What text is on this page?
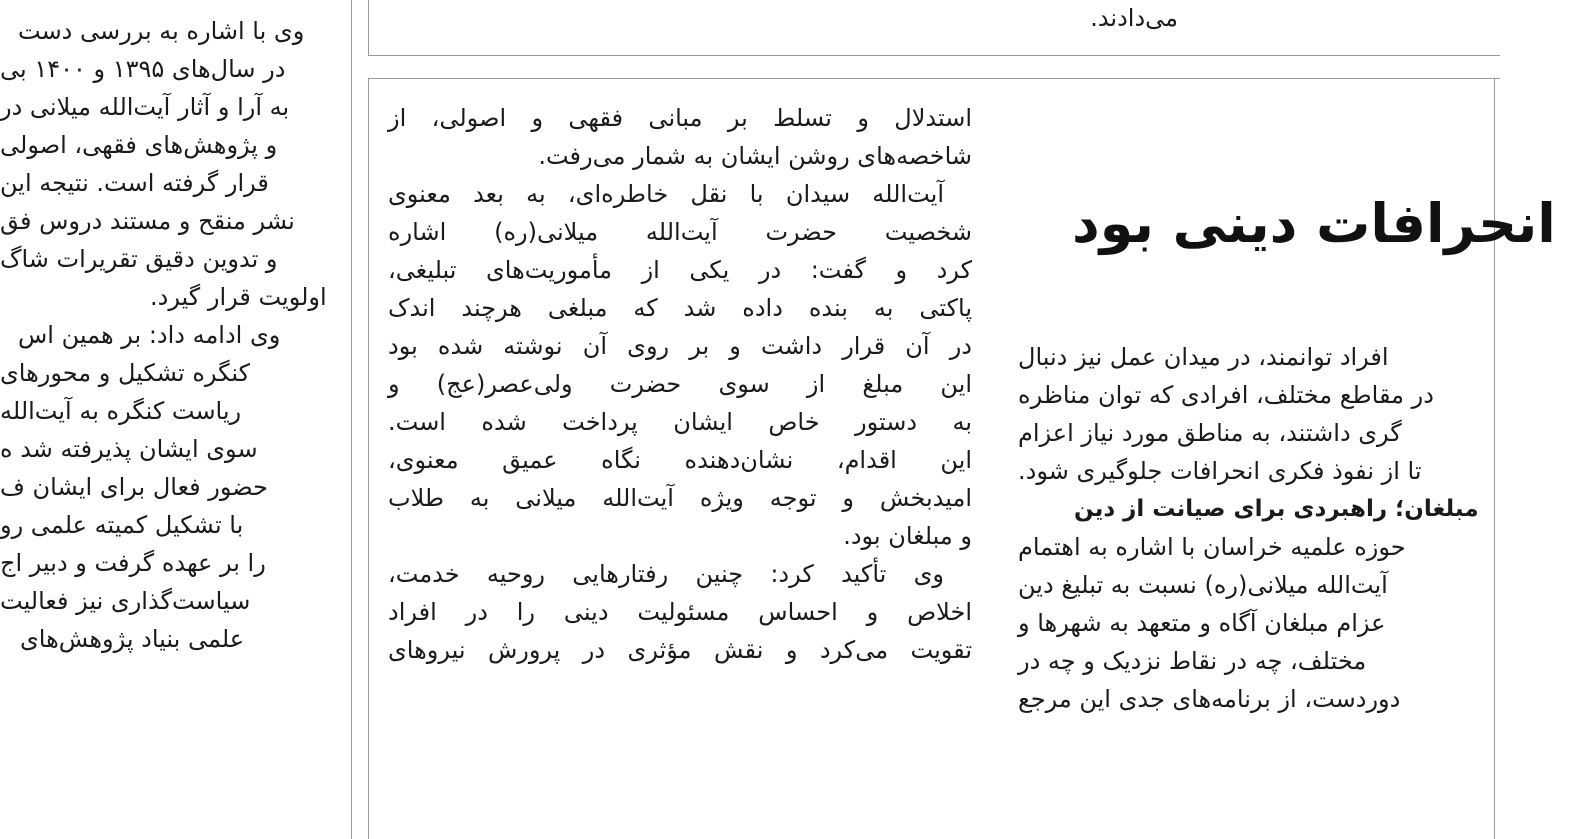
می‌دادند.
وی با اشاره به بررسی دست
در سال‌های ۱۳۹۵ و ۱۴۰۰ بی
به آرا و آثار آیت‌الله میلانی در
و پژوهش‌های فقهی، اصولی
قرار گرفته است. نتیجه این
نشر منقح و مستند دروس فق
و تدوین دقیق تقریرات شاگ
اولویت قرار گیرد.
وی ادامه داد: بر همین اس
کنگره تشکیل و محورهای
ریاست کنگره به آیت‌الله
سوی ایشان پذیرفته شد ه
حضور فعال برای ایشان ف
با تشکیل کمیته علمی رو
را بر عهده گرفت و دبیر اج
سیاست‌گذاری نیز فعالیت
علمی بنیاد پژوهش‌های
استدلال و تسلط بر مبانی فقهی و اصولی، از
شاخصه‌های روشن ایشان به شمار می‌رفت.
آیت‌الله سیدان با نقل خاطره‌ای، به بعد معنوی
شخصیت حضرت آیت‌الله میلانی(ره) اشاره
کرد و گفت: در یکی از مأموریت‌های تبلیغی،
پاکتی به بنده داده شد که مبلغی هرچند اندک
در آن قرار داشت و بر روی آن نوشته شده بود
این مبلغ از سوی حضرت ولی‌عصر(عج) و
به دستور خاص ایشان پرداخت شده است.
این اقدام، نشان‌دهنده نگاه عمیق معنوی،
امیدبخش و توجه ویژه آیت‌الله میلانی به طلاب
و مبلغان بود.
وی تأکید کرد: چنین رفتارهایی روحیه خدمت،
اخلاص و احساس مسئولیت دینی را در افراد
تقویت می‌کرد و نقش مؤثری در پرورش نیروهای
انحرافات دینی بود
افراد توانمند، در میدان عمل نیز دنبال
در مقاطع مختلف، افرادی که توان مناظره
گری داشتند، به مناطق مورد نیاز اعزام
تا از نفوذ فکری انحرافات جلوگیری شود.
مبلغان؛ راهبردی برای صیانت از دین
حوزه علمیه خراسان با اشاره به اهتمام
آیت‌الله میلانی(ره) نسبت به تبلیغ دین
عزام مبلغان آگاه و متعهد به شهرها و
مختلف، چه در نقاط نزدیک و چه در
دوردست، از برنامه‌های جدی این مرجع
